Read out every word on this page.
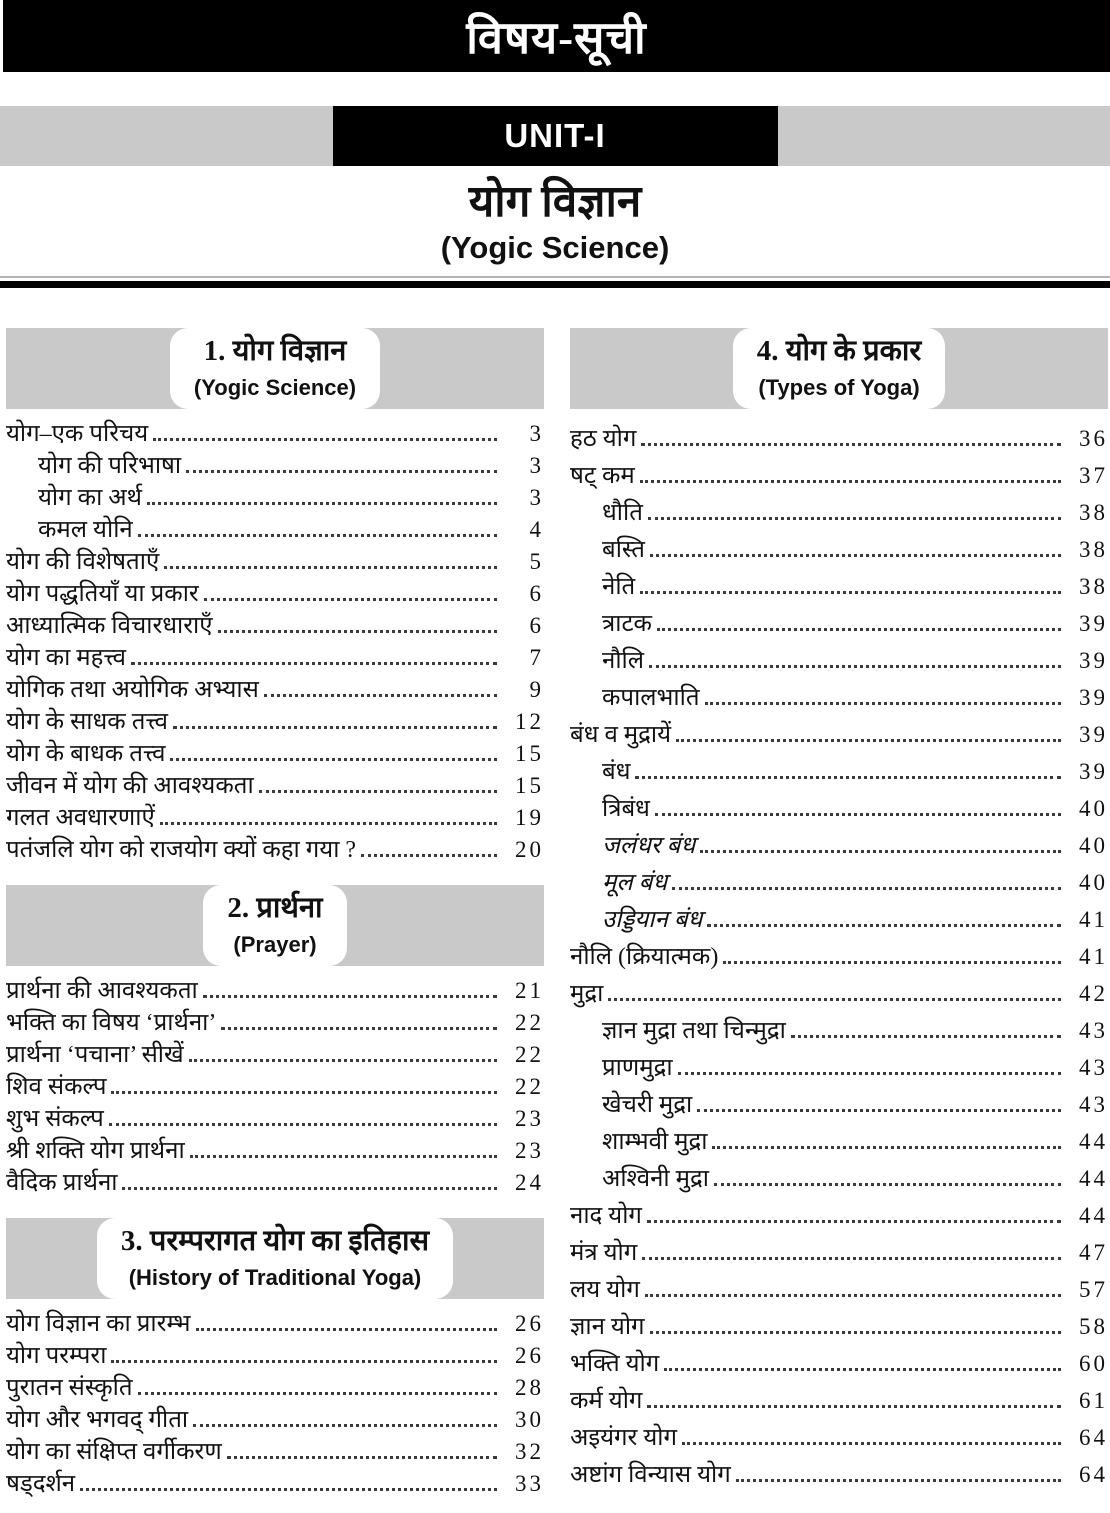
विषय-सूची
UNIT-I
योग विज्ञान
(Yogic Science)
1. योग विज्ञान
(Yogic Science)
योग–एक परिचय	3
योग की परिभाषा	3
योग का अर्थ	3
कमल योनि	4
योग की विशेषताएँ	5
योग पद्धतियाँ या प्रकार	6
आध्यात्मिक विचारधाराएँ	6
योग का महत्त्व	7
योगिक तथा अयोगिक अभ्यास	9
योग के साधक तत्त्व	12
योग के बाधक तत्त्व	15
जीवन में योग की आवश्यकता	15
गलत अवधारणाऐं	19
पतंजलि योग को राजयोग क्यों कहा गया ?	20
2. प्रार्थना
(Prayer)
प्रार्थना की आवश्यकता	21
भक्ति का विषय ‘प्रार्थना’	22
प्रार्थना ‘पचाना’ सीखें	22
शिव संकल्प	22
शुभ संकल्प	23
श्री शक्ति योग प्रार्थना	23
वैदिक प्रार्थना	24
3. परम्परागत योग का इतिहास
(History of Traditional Yoga)
योग विज्ञान का प्रारम्भ	26
योग परम्परा	26
पुरातन संस्कृति	28
योग और भगवद् गीता	30
योग का संक्षिप्त वर्गीकरण	32
षड्दर्शन	33
4. योग के प्रकार
(Types of Yoga)
हठ योग	36
षट् कम	37
धौति	38
बस्ति	38
नेति	38
त्राटक	39
नौलि	39
कपालभाति	39
बंध व मुद्रायें	39
बंध	39
त्रिबंध	40
जलंधर बंध	40
मूल बंध	40
उड्डियान बंध	41
नौलि (क्रियात्मक)	41
मुद्रा	42
ज्ञान मुद्रा तथा चिन्मुद्रा	43
प्राणमुद्रा	43
खेचरी मुद्रा	43
शाम्भवी मुद्रा	44
अश्विनी मुद्रा	44
नाद योग	44
मंत्र योग	47
लय योग	57
ज्ञान योग	58
भक्ति योग	60
कर्म योग	61
अइयंगर योग	64
अष्टांग विन्यास योग	64
